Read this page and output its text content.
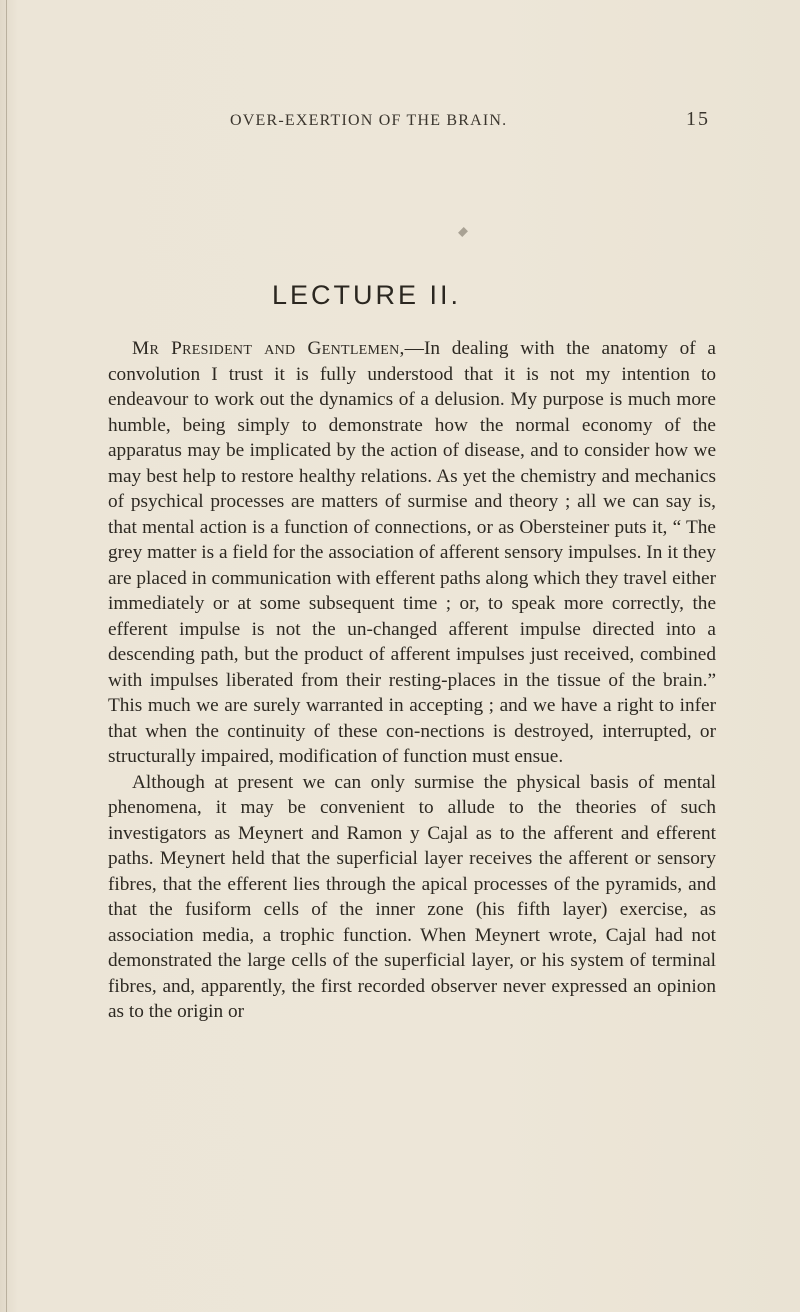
OVER-EXERTION OF THE BRAIN.	15
LECTURE II.

Mr President and Gentlemen,—In dealing with the anatomy of a convolution I trust it is fully understood that it is not my intention to endeavour to work out the dynamics of a delusion. My purpose is much more humble, being simply to demonstrate how the normal economy of the apparatus may be implicated by the action of disease, and to consider how we may best help to restore healthy relations. As yet the chemistry and mechanics of psychical processes are matters of surmise and theory ; all we can say is, that mental action is a function of connections, or as Obersteiner puts it, “ The grey matter is a field for the association of afferent sensory impulses. In it they are placed in communication with efferent paths along which they travel either immediately or at some subsequent time ; or, to speak more correctly, the efferent impulse is not the un-changed afferent impulse directed into a descending path, but the product of afferent impulses just received, combined with impulses liberated from their resting-places in the tissue of the brain.” This much we are surely warranted in accepting ; and we have a right to infer that when the continuity of these con-nections is destroyed, interrupted, or structurally impaired, modification of function must ensue.

Although at present we can only surmise the physical basis of mental phenomena, it may be convenient to allude to the theories of such investigators as Meynert and Ramon y Cajal as to the afferent and efferent paths. Meynert held that the superficial layer receives the afferent or sensory fibres, that the efferent lies through the apical processes of the pyramids, and that the fusiform cells of the inner zone (his fifth layer) exercise, as association media, a trophic function. When Meynert wrote, Cajal had not demonstrated the large cells of the superficial layer, or his system of terminal fibres, and, apparently, the first recorded observer never expressed an opinion as to the origin or
